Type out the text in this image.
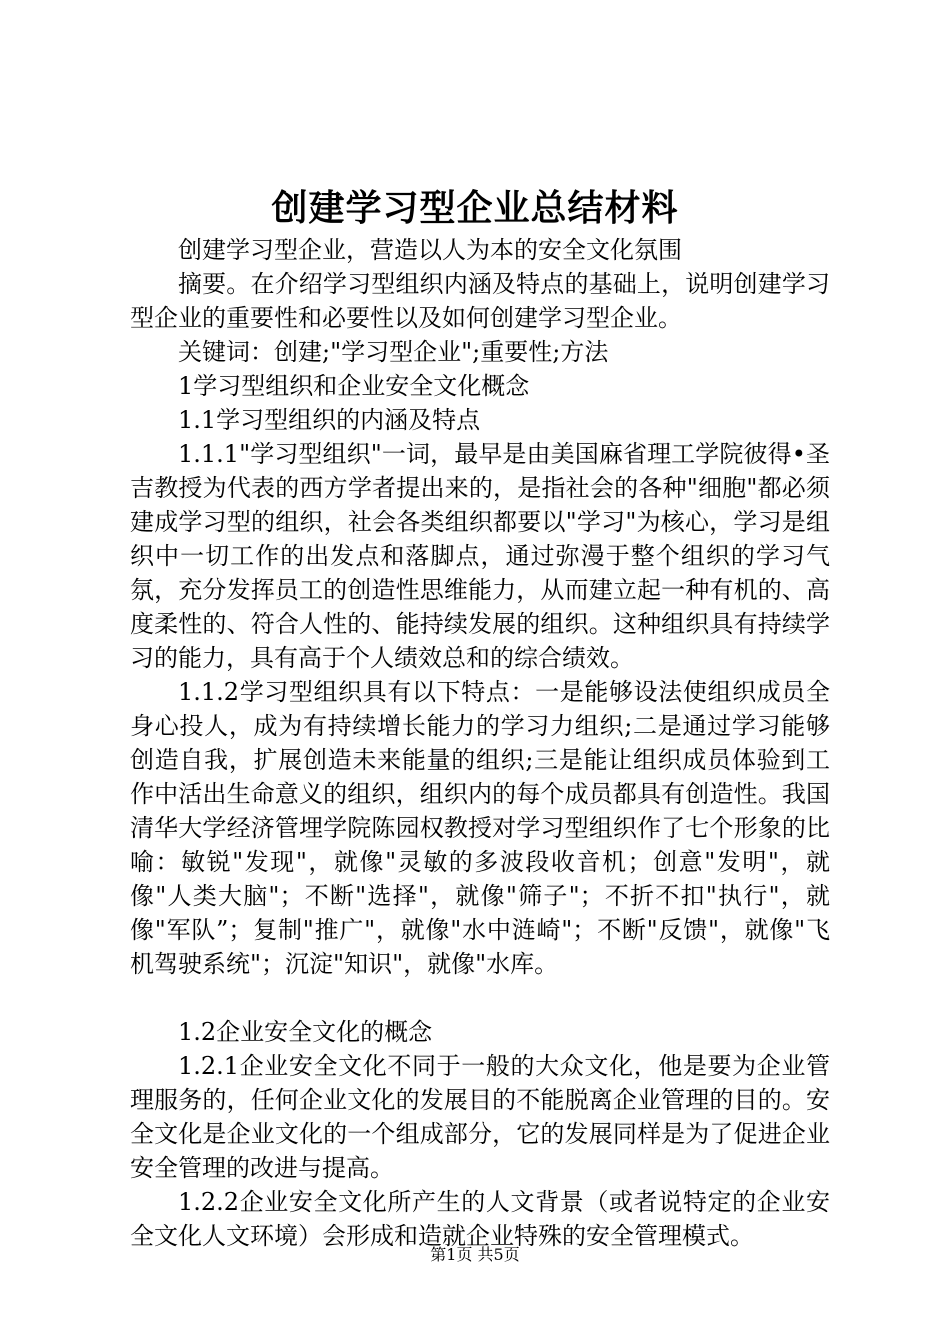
创建学习型企业总结材料

创建学习型企业，营造以人为本的安全文化氛围

摘要。在介绍学习型组织内涵及特点的基础上，说明创建学习型企业的重要性和必要性以及如何创建学习型企业。

关键词：创建;"学习型企业";重要性;方法

1学习型组织和企业安全文化概念

1.1学习型组织的内涵及特点

1.1.1"学习型组织"一词，最早是由美国麻省理工学院彼得•圣吉教授为代表的西方学者提出来的，是指社会的各种"细胞"都必须建成学习型的组织，社会各类组织都要以"学习"为核心，学习是组织中一切工作的出发点和落脚点，通过弥漫于整个组织的学习气氛，充分发挥员工的创造性思维能力，从而建立起一种有机的、高度柔性的、符合人性的、能持续发展的组织。这种组织具有持续学习的能力，具有高于个人绩效总和的综合绩效。

1.1.2学习型组织具有以下特点：一是能够设法使组织成员全身心投人，成为有持续增长能力的学习力组织;二是通过学习能够创造自我，扩展创造未来能量的组织;三是能让组织成员体验到工作中活出生命意义的组织，组织内的每个成员都具有创造性。我国清华大学经济管埋学院陈园权教授对学习型组织作了七个形象的比喻：敏锐"发现"，就像"灵敏的多波段收音机；创意"发明"，就像"人类大脑"；不断"选择"，就像"筛子"；不折不扣"执行"，就像"军队”；复制"推广"，就像"水中涟崎"；不断"反馈"，就像"飞机驾驶系统"；沉淀"知识"，就像"水库。

1.2企业安全文化的概念

1.2.1企业安全文化不同于一般的大众文化，他是要为企业管理服务的，任何企业文化的发展目的不能脱离企业管理的目的。安全文化是企业文化的一个组成部分，它的发展同样是为了促进企业安全管理的改进与提高。

1.2.2企业安全文化所产生的人文背景（或者说特定的企业安全文化人文环境）会形成和造就企业特殊的安全管理模式。

第1页 共5页
